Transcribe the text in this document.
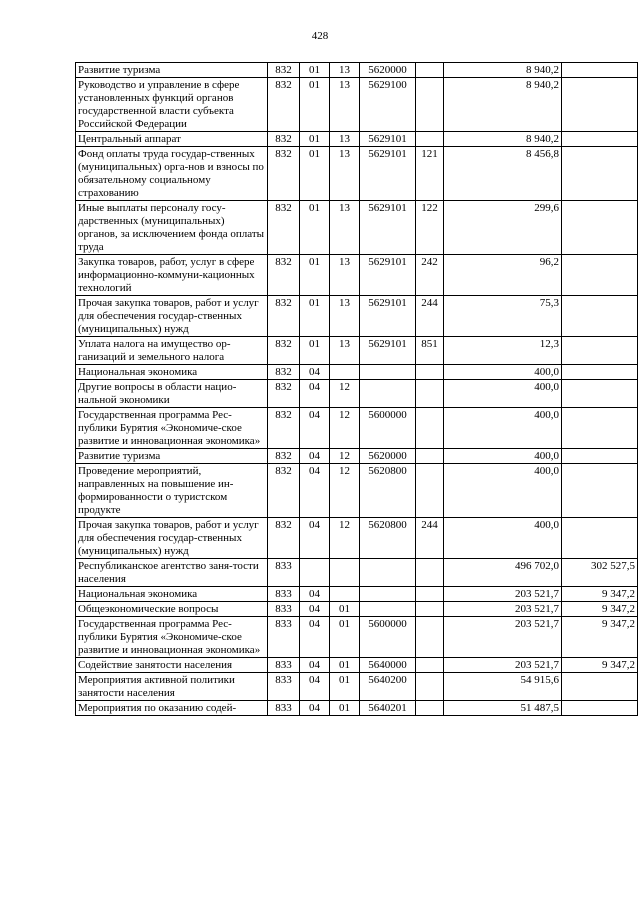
428
Развитие туризма	832	01	13	5620000		8 940,2	
Руководство и управление в сфере установленных функций органов государственной власти субъекта Российской Федерации	832	01	13	5629100		8 940,2	
Центральный аппарат	832	01	13	5629101		8 940,2	
Фонд оплаты труда государ-ственных (муниципальных) орга-нов и взносы по обязательному социальному страхованию	832	01	13	5629101	121	8 456,8	
Иные выплаты персоналу госу-дарственных (муниципальных) органов, за исключением фонда оплаты труда	832	01	13	5629101	122	299,6	
Закупка товаров, работ, услуг в сфере информационно-коммуни-кационных технологий	832	01	13	5629101	242	96,2	
Прочая закупка товаров, работ и услуг для обеспечения государ-ственных (муниципальных) нужд	832	01	13	5629101	244	75,3	
Уплата налога на имущество ор-ганизаций и земельного налога	832	01	13	5629101	851	12,3	
Национальная экономика	832	04				400,0	
Другие вопросы в области нацио-нальной экономики	832	04	12			400,0	
Государственная программа Рес-публики Бурятия «Экономиче-ское развитие и инновационная экономика»	832	04	12	5600000		400,0	
Развитие туризма	832	04	12	5620000		400,0	
Проведение мероприятий, направленных на повышение ин-формированности о туристском продукте	832	04	12	5620800		400,0	
Прочая закупка товаров, работ и услуг для обеспечения государ-ственных (муниципальных) нужд	832	04	12	5620800	244	400,0	
Республиканское агентство заня-тости населения	833					496 702,0	302 527,5
Национальная экономика	833	04				203 521,7	9 347,2
Общеэкономические вопросы	833	04	01			203 521,7	9 347,2
Государственная программа Рес-публики Бурятия «Экономиче-ское развитие и инновационная экономика»	833	04	01	5600000		203 521,7	9 347,2
Содействие занятости населения	833	04	01	5640000		203 521,7	9 347,2
Мероприятия активной политики занятости населения	833	04	01	5640200		54 915,6	
Мероприятия по оказанию содей-	833	04	01	5640201		51 487,5	
